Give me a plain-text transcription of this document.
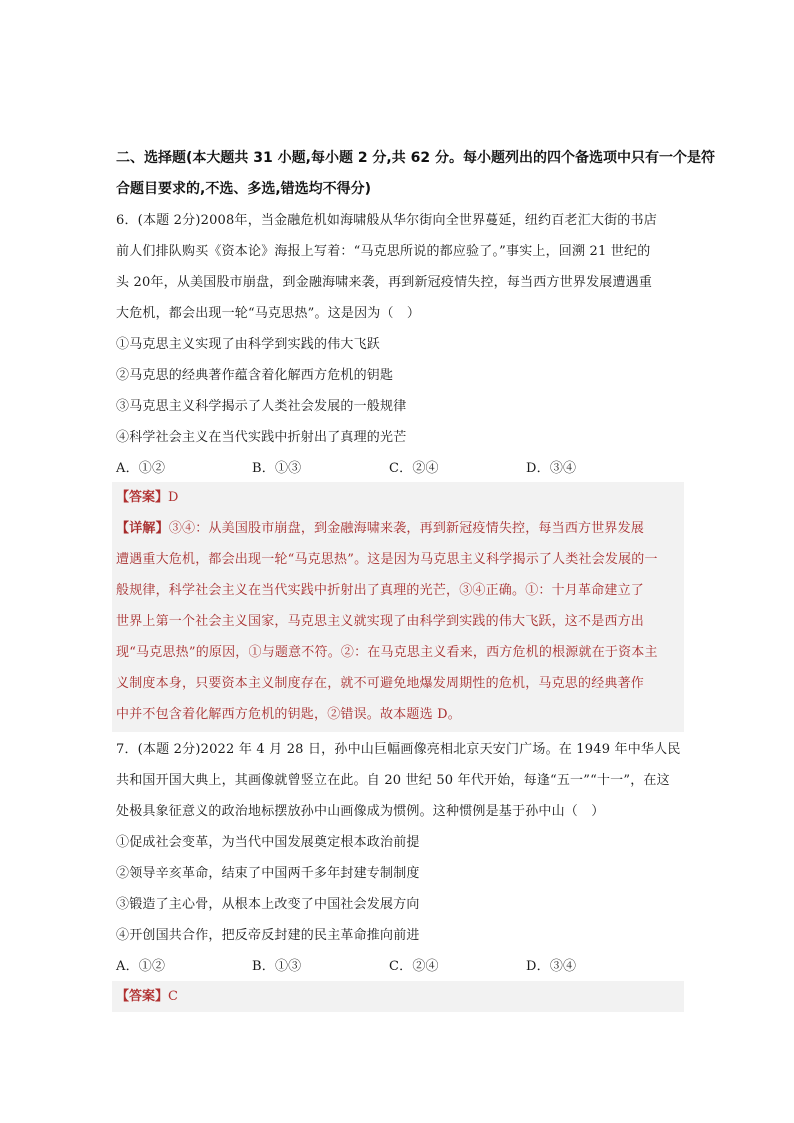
二、选择题(本大题共 31 小题,每小题 2 分,共 62 分。每小题列出的四个备选项中只有一个是符
合题目要求的,不选、多选,错选均不得分)
6．(本题 2分)2008年，当金融危机如海啸般从华尔街向全世界蔓延，纽约百老汇大街的书店
前人们排队购买《资本论》海报上写着：“马克思所说的都应验了。”事实上，回溯 21 世纪的
头 20年，从美国股市崩盘，到金融海啸来袭，再到新冠疫情失控，每当西方世界发展遭遇重
大危机，都会出现一轮“马克思热”。这是因为（　）
①马克思主义实现了由科学到实践的伟大飞跃
②马克思的经典著作蕴含着化解西方危机的钥匙
③马克思主义科学揭示了人类社会发展的一般规律
④科学社会主义在当代实践中折射出了真理的光芒
A．①②	B．①③	C．②④	D．③④
【答案】D
【详解】③④：从美国股市崩盘，到金融海啸来袭，再到新冠疫情失控，每当西方世界发展
遭遇重大危机，都会出现一轮“马克思热”。这是因为马克思主义科学揭示了人类社会发展的一
般规律，科学社会主义在当代实践中折射出了真理的光芒，③④正确。①：十月革命建立了
世界上第一个社会主义国家，马克思主义就实现了由科学到实践的伟大飞跃，这不是西方出
现“马克思热”的原因，①与题意不符。②：在马克思主义看来，西方危机的根源就在于资本主
义制度本身，只要资本主义制度存在，就不可避免地爆发周期性的危机，马克思的经典著作
中并不包含着化解西方危机的钥匙，②错误。故本题选 D。
7．(本题 2分)2022 年 4 月 28 日，孙中山巨幅画像亮相北京天安门广场。在 1949 年中华人民
共和国开国大典上，其画像就曾竖立在此。自 20 世纪 50 年代开始，每逢“五一”“十一”，在这
处极具象征意义的政治地标摆放孙中山画像成为惯例。这种惯例是基于孙中山（　）
①促成社会变革，为当代中国发展奠定根本政治前提
②领导辛亥革命，结束了中国两千多年封建专制制度
③锻造了主心骨，从根本上改变了中国社会发展方向
④开创国共合作，把反帝反封建的民主革命推向前进
A．①②	B．①③	C．②④	D．③④
【答案】C
